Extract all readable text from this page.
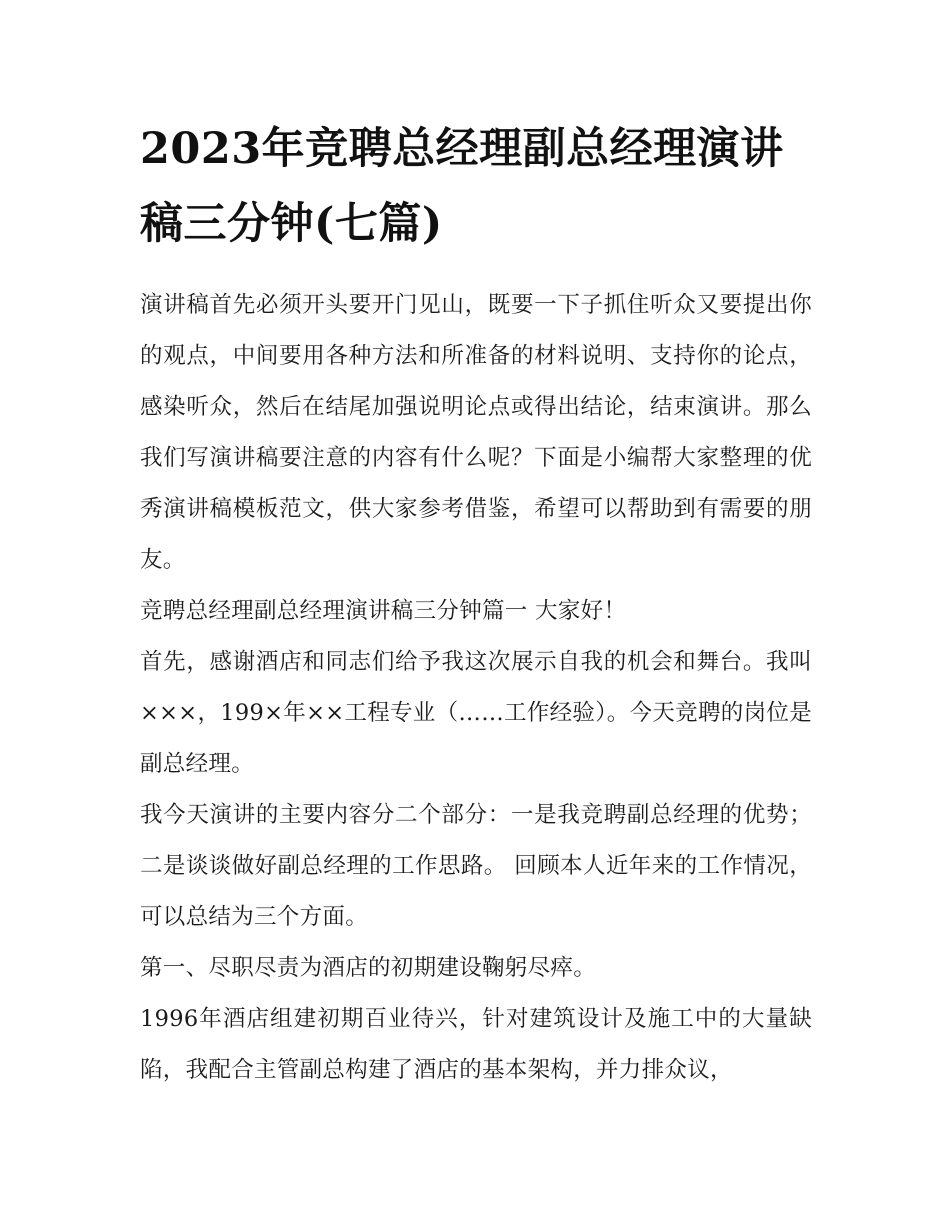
2023年竞聘总经理副总经理演讲稿三分钟(七篇)

演讲稿首先必须开头要开门见山，既要一下子抓住听众又要提出你的观点，中间要用各种方法和所准备的材料说明、支持你的论点，感染听众，然后在结尾加强说明论点或得出结论，结束演讲。那么我们写演讲稿要注意的内容有什么呢？下面是小编帮大家整理的优秀演讲稿模板范文，供大家参考借鉴，希望可以帮助到有需要的朋友。

竞聘总经理副总经理演讲稿三分钟篇一 大家好！

首先，感谢酒店和同志们给予我这次展示自我的机会和舞台。我叫×××，199×年××工程专业（……工作经验）。今天竞聘的岗位是副总经理。

我今天演讲的主要内容分二个部分：一是我竞聘副总经理的优势；二是谈谈做好副总经理的工作思路。 回顾本人近年来的工作情况，可以总结为三个方面。

第一、尽职尽责为酒店的初期建设鞠躬尽瘁。

1996年酒店组建初期百业待兴，针对建筑设计及施工中的大量缺陷，我配合主管副总构建了酒店的基本架构，并力排众议，
